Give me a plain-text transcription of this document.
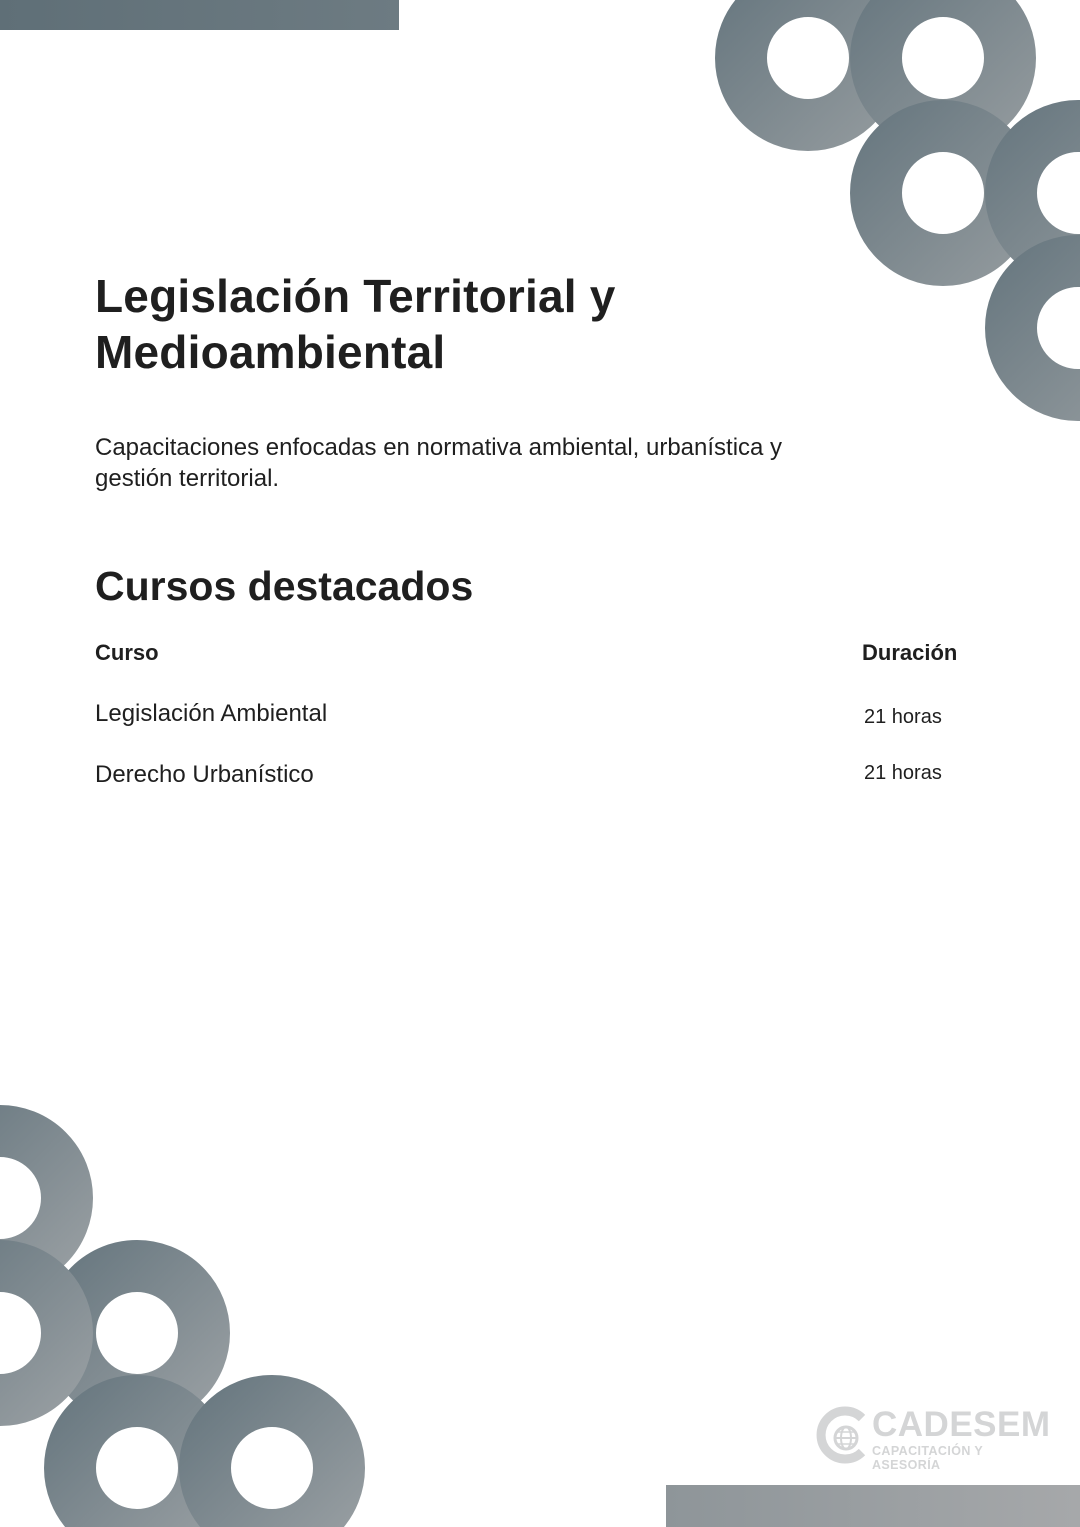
Legislación Territorial y Medioambiental

Capacitaciones enfocadas en normativa ambiental, urbanística y gestión territorial.

Cursos destacados
Curso	Duración
Legislación Ambiental	21 horas
Derecho Urbanístico	21 horas
CADESEM
CAPACITACIÓN Y ASESORÍA
